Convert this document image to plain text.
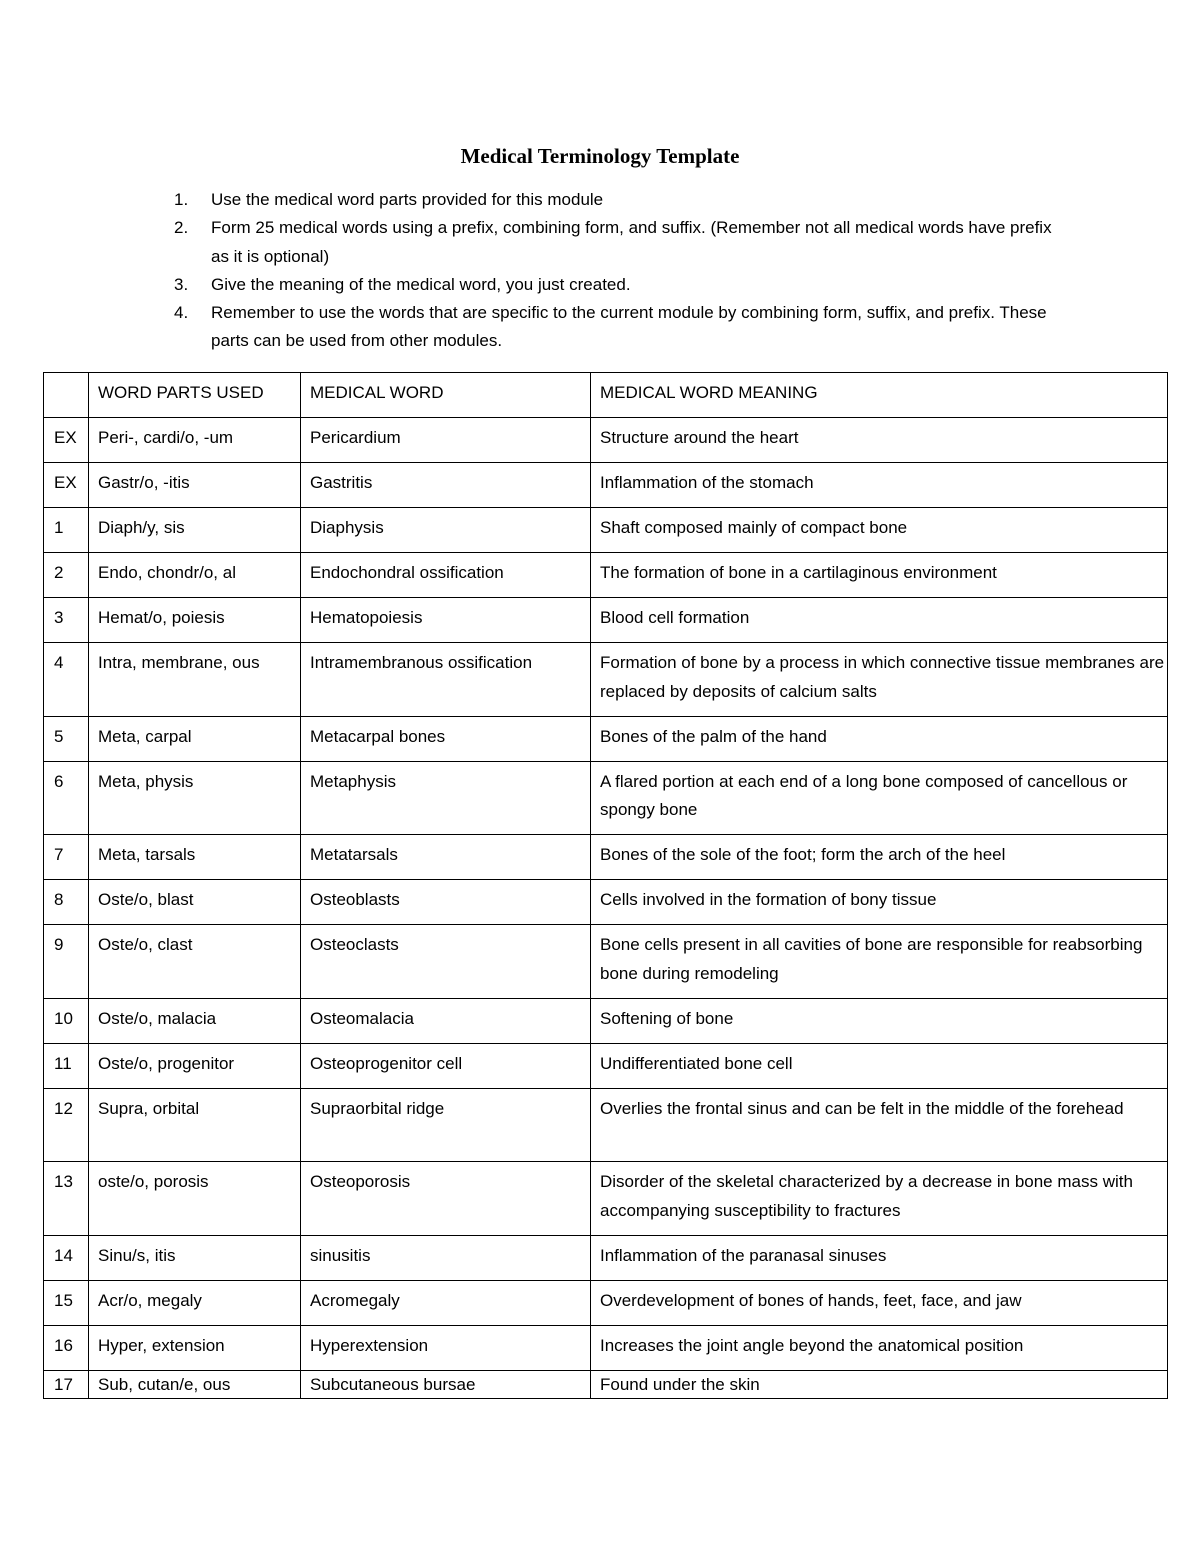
Medical Terminology Template
1. Use the medical word parts provided for this module
2. Form 25 medical words using a prefix, combining form, and suffix. (Remember not all medical words have prefix as it is optional)
3. Give the meaning of the medical word, you just created.
4. Remember to use the words that are specific to the current module by combining form, suffix, and prefix. These parts can be used from other modules.
	WORD PARTS USED	MEDICAL WORD	MEDICAL WORD MEANING
EX	Peri-, cardi/o, -um	Pericardium	Structure around the heart
EX	Gastr/o, -itis	Gastritis	Inflammation of the stomach
1	Diaph/y, sis	Diaphysis	Shaft composed mainly of compact bone
2	Endo, chondr/o, al	Endochondral ossification	The formation of bone in a cartilaginous environment
3	Hemat/o, poiesis	Hematopoiesis	Blood cell formation
4	Intra, membrane, ous	Intramembranous ossification	Formation of bone by a process in which connective tissue membranes are replaced by deposits of calcium salts
5	Meta, carpal	Metacarpal bones	Bones of the palm of the hand
6	Meta, physis	Metaphysis	A flared portion at each end of a long bone composed of cancellous or spongy bone
7	Meta, tarsals	Metatarsals	Bones of the sole of the foot; form the arch of the heel
8	Oste/o, blast	Osteoblasts	Cells involved in the formation of bony tissue
9	Oste/o, clast	Osteoclasts	Bone cells present in all cavities of bone are responsible for reabsorbing bone during remodeling
10	Oste/o, malacia	Osteomalacia	Softening of bone
11	Oste/o, progenitor	Osteoprogenitor cell	Undifferentiated bone cell
12	Supra, orbital	Supraorbital ridge	Overlies the frontal sinus and can be felt in the middle of the forehead
13	oste/o, porosis	Osteoporosis	Disorder of the skeletal characterized by a decrease in bone mass with accompanying susceptibility to fractures
14	Sinu/s, itis	sinusitis	Inflammation of the paranasal sinuses
15	Acr/o, megaly	Acromegaly	Overdevelopment of bones of hands, feet, face, and jaw
16	Hyper, extension	Hyperextension	Increases the joint angle beyond the anatomical position
17	Sub, cutan/e, ous	Subcutaneous bursae	Found under the skin
